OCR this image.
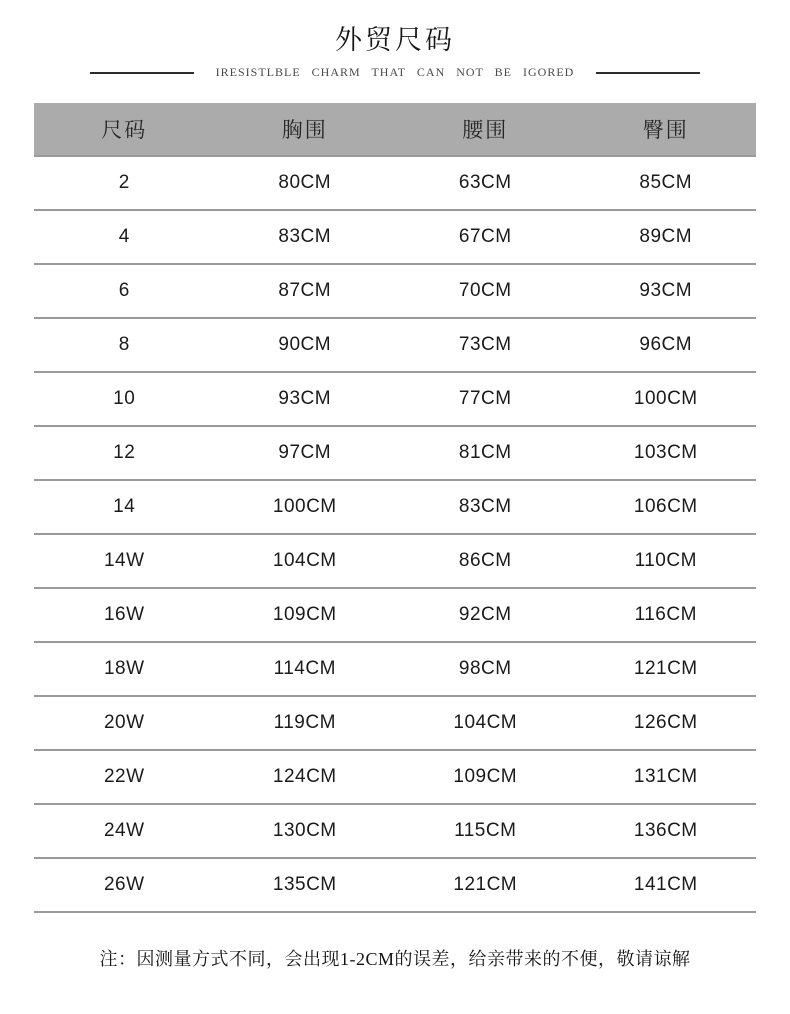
外贸尺码
IRESISTLBLE CHARM THAT CAN NOT BE IGORED
尺码	胸围	腰围	臀围
2	80CM	63CM	85CM
4	83CM	67CM	89CM
6	87CM	70CM	93CM
8	90CM	73CM	96CM
10	93CM	77CM	100CM
12	97CM	81CM	103CM
14	100CM	83CM	106CM
14W	104CM	86CM	110CM
16W	109CM	92CM	116CM
18W	114CM	98CM	121CM
20W	119CM	104CM	126CM
22W	124CM	109CM	131CM
24W	130CM	115CM	136CM
26W	135CM	121CM	141CM
注：因测量方式不同，会出现1-2CM的误差，给亲带来的不便，敬请谅解
